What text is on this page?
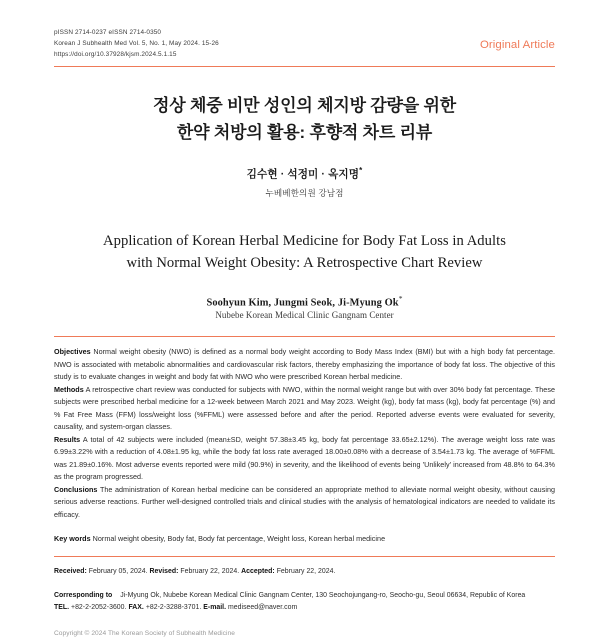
pISSN 2714-0237 eISSN 2714-0350
Korean J Subhealth Med Vol. 5, No. 1, May 2024. 15-26
https://doi.org/10.37928/kjsm.2024.5.1.15
Original Article
정상 체중 비만 성인의 체지방 감량을 위한
한약 처방의 활용: 후향적 차트 리뷰
김수현 · 석정미 · 옥지명*
누베베한의원 강남점
Application of Korean Herbal Medicine for Body Fat Loss in Adults
with Normal Weight Obesity: A Retrospective Chart Review
Soohyun Kim, Jungmi Seok, Ji-Myung Ok*
Nubebe Korean Medical Clinic Gangnam Center

Objectives Normal weight obesity (NWO) is defined as a normal body weight according to Body Mass Index (BMI) but with a high body fat percentage. NWO is associated with metabolic abnormalities and cardiovascular risk factors, thereby emphasizing the importance of body fat loss. The objective of this study is to evaluate changes in weight and body fat with NWO who were prescribed Korean herbal medicine.

Methods A retrospective chart review was conducted for subjects with NWO, within the normal weight range but with over 30% body fat percentage. These subjects were prescribed herbal medicine for a 12-week between March 2021 and May 2023. Weight (kg), body fat mass (kg), body fat percentage (%) and % Fat Free Mass (FFM) loss/weight loss (%FFML) were assessed before and after the period. Reported adverse events were evaluated for severity, causality, and system-organ classes.

Results A total of 42 subjects were included (mean±SD, weight 57.38±3.45 kg, body fat percentage 33.65±2.12%). The average weight loss rate was 6.99±3.22% with a reduction of 4.08±1.95 kg, while the body fat loss rate averaged 18.00±0.08% with a decrease of 3.54±1.73 kg. The average of %FFML was 21.89±0.16%. Most adverse events reported were mild (90.9%) in severity, and the likelihood of events being 'Unlikely' increased from 48.8% to 64.3% as the program progressed.

Conclusions The administration of Korean herbal medicine can be considered an appropriate method to alleviate normal weight obesity, without causing serious adverse reactions. Further well-designed controlled trials and clinical studies with the analysis of hematological indicators are needed to validate its efficacy.

Key words Normal weight obesity, Body fat, Body fat percentage, Weight loss, Korean herbal medicine
Received: February 05, 2024. Revised: February 22, 2024. Accepted: February 22, 2024.
Corresponding to Ji-Myung Ok, Nubebe Korean Medical Clinic Gangnam Center, 130 Seochojungang-ro, Seocho-gu, Seoul 06634, Republic of Korea
TEL. +82-2-2052-3600. FAX. +82-2-3288-3701. E-mail. mediseed@naver.com
Copyright © 2024 The Korean Society of Subhealth Medicine
